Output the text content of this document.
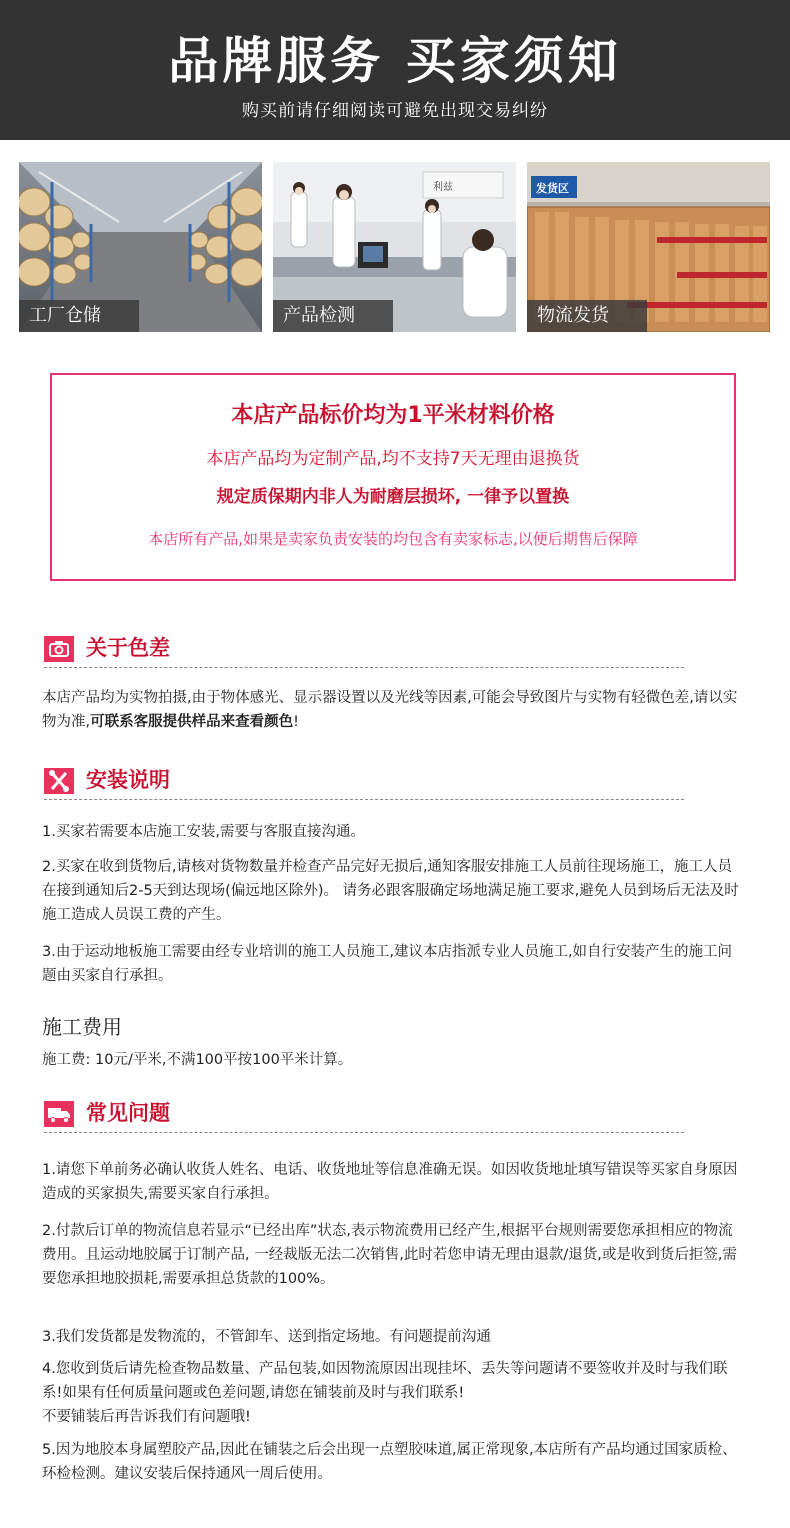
品牌服务 买家须知
购买前请仔细阅读可避免出现交易纠纷
工厂仓储
利兹
产品检测
发货区
物流发货
本店产品标价均为1平米材料价格
本店产品均为定制产品,均不支持7天无理由退换货
规定质保期内非人为耐磨层损坏, 一律予以置换
本店所有产品,如果是卖家负责安装的均包含有卖家标志,以便后期售后保障
关于色差
本店产品均为实物拍摄,由于物体感光、显示器设置以及光线等因素,可能会导致图片与实物有轻微色差,请以实物为准,可联系客服提供样品来查看颜色!
安装说明
1.买家若需要本店施工安装,需要与客服直接沟通。
2.买家在收到货物后,请核对货物数量并检查产品完好无损后,通知客服安排施工人员前往现场施工，施工人员在接到通知后2-5天到达现场(偏远地区除外)。 请务必跟客服确定场地满足施工要求,避免人员到场后无法及时施工造成人员误工费的产生。
3.由于运动地板施工需要由经专业培训的施工人员施工,建议本店指派专业人员施工,如自行安装产生的施工问题由买家自行承担。
施工费用
施工费: 10元/平米,不满100平按100平米计算。
常见问题
1.请您下单前务必确认收货人姓名、电话、收货地址等信息准确无误。如因收货地址填写错误等买家自身原因造成的买家损失,需要买家自行承担。
2.付款后订单的物流信息若显示“已经出库”状态,表示物流费用已经产生,根据平台规则需要您承担相应的物流费用。且运动地胶属于订制产品, 一经裁版无法二次销售,此时若您申请无理由退款/退货,或是收到货后拒签,需要您承担地胶损耗,需要承担总货款的100%。
3.我们发货都是发物流的，不管卸车、送到指定场地。有问题提前沟通
4.您收到货后请先检查物品数量、产品包装,如因物流原因出现挂坏、丢失等问题请不要签收并及时与我们联系!如果有任何质量问题或色差问题,请您在铺装前及时与我们联系!
不要铺装后再告诉我们有问题哦!
5.因为地胶本身属塑胶产品,因此在铺装之后会出现一点塑胶味道,属正常现象,本店所有产品均通过国家质检、环检检测。建议安装后保持通风一周后使用。
